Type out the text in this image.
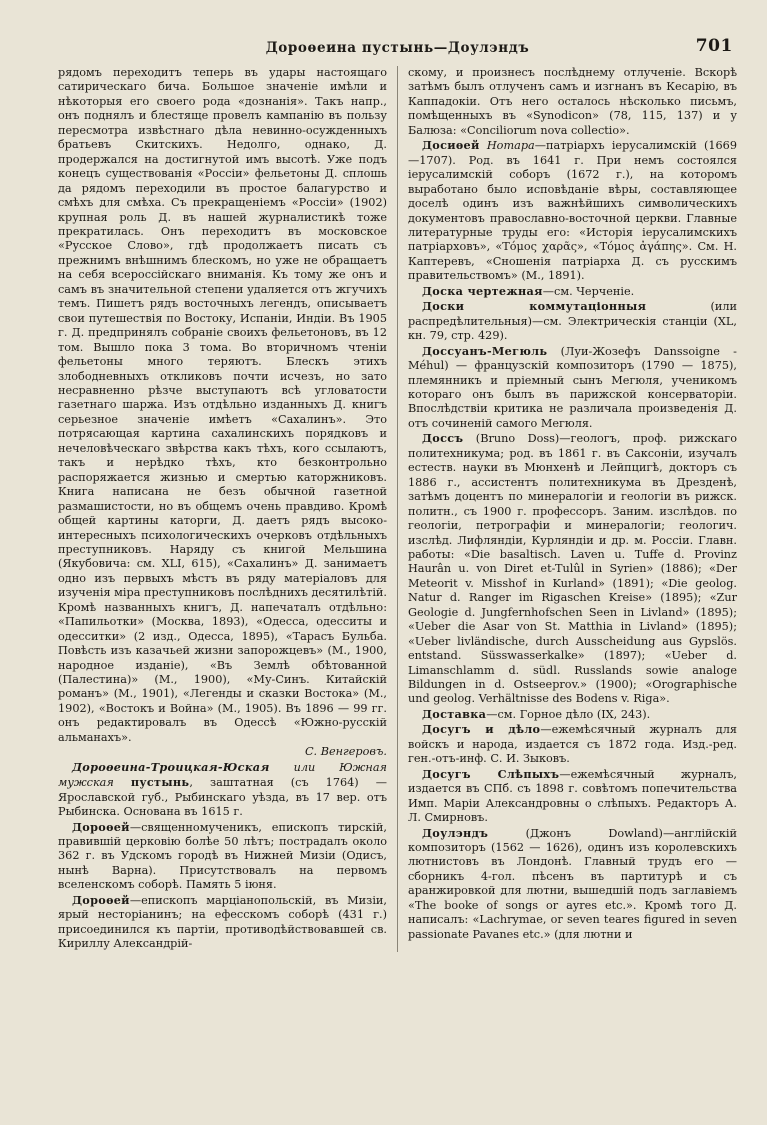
Дороѳеина пустынь—Доулэндъ	701

рядомъ переходитъ теперь въ удары настоящаго сатирическаго бича. Большое значеніе имѣли и нѣкоторыя его своего рода «дознанія». Такъ напр., онъ поднялъ и блестяще провелъ кампанію въ пользу пересмотра извѣстнаго дѣла невинно-осужденныхъ братьевъ Скитскихъ. Недолго, однако, Д. продержался на достигнутой имъ высотѣ. Уже подъ конецъ существованія «Россіи» фельетоны Д. сплошь да рядомъ переходили въ простое балагурство и смѣхъ для смѣха. Съ прекращеніемъ «Россіи» (1902) крупная роль Д. въ нашей журналистикѣ тоже прекратилась. Онъ переходитъ въ московское «Русское Слово», гдѣ продолжаетъ писать съ прежнимъ внѣшнимъ блескомъ, но уже не обращаетъ на себя всероссійскаго вниманія. Къ тому же онъ и самъ въ значительной степени удаляется отъ жгучихъ темъ. Пишетъ рядъ восточныхъ легендъ, описываетъ свои путешествія по Востоку, Испаніи, Индіи. Въ 1905 г. Д. предпринялъ собраніе своихъ фельетоновъ, въ 12 том. Вышло пока 3 тома. Во вторичномъ чтеніи фельетоны много теряютъ. Блескъ этихъ злободневныхъ откликовъ почти исчезъ, но зато несравненно рѣзче выступаютъ всѣ угловатости газетнаго шаржа. Изъ отдѣльно изданныхъ Д. книгъ серьезное значеніе имѣетъ «Сахалинъ». Это потрясающая картина сахалинскихъ порядковъ и нечеловѣческаго звѣрства какъ тѣхъ, кого ссылаютъ, такъ и нерѣдко тѣхъ, кто безконтрольно распоряжается жизнью и смертью каторжниковъ. Книга написана не безъ обычной газетной размашистости, но въ общемъ очень правдиво. Кромѣ общей картины каторги, Д. даетъ рядъ высоко-интересныхъ психологическихъ очерковъ отдѣльныхъ преступниковъ. Наряду съ книгой Мельшина (Якубовича: см. XLI, 615), «Сахалинъ» Д. занимаетъ одно изъ первыхъ мѣстъ въ ряду матеріаловъ для изученія міра преступниковъ послѣднихъ десятилѣтій. Кромѣ названныхъ книгъ, Д. напечаталъ отдѣльно: «Папильотки» (Москва, 1893), «Одесса, одесситы и одесситки» (2 изд., Одесса, 1895), «Тарасъ Бульба. Повѣсть изъ казачьей жизни запорожцевъ» (М., 1900, народное изданіе), «Въ Землѣ обѣтованной (Палестина)» (М., 1900), «Му-Синъ. Китайскій романъ» (М., 1901), «Легенды и сказки Востока» (М., 1902), «Востокъ и Война» (М., 1905). Въ 1896 — 99 гг. онъ редактировалъ въ Одессѣ «Южно-русскій альманахъ».
С. Венгеровъ.

Дороѳеина-Троицкая-Юская или Южная мужская пустынь, заштатная (съ 1764) —Ярославской губ., Рыбинскаго уѣзда, въ 17 вер. отъ Рыбинска. Основана въ 1615 г.

Дороѳей—священномученикъ, епископъ тирскій, правившій церковію болѣе 50 лѣтъ; пострадалъ около 362 г. въ Удскомъ городѣ въ Нижней Мизіи (Одисъ, нынѣ Варна). Присутствовалъ на первомъ вселенскомъ соборѣ. Память 5 іюня.

Дороѳей—епископъ марціанопольскій, въ Мизіи, ярый несторіанинъ; на ефесскомъ соборѣ (431 г.) присоединился къ партіи, противодѣйствовавшей св. Кириллу Александрій-

скому, и произнесъ послѣднему отлученіе. Вскорѣ затѣмъ былъ отлученъ самъ и изгнанъ въ Кесарію, въ Каппадокіи. Отъ него осталось нѣсколько письмъ, помѣщенныхъ въ «Synodicon» (78, 115, 137) и у Балюза: «Conciliorum nova collectio».

Досиѳей Нотара—патріархъ іерусалимскій (1669—1707). Род. въ 1641 г. При немъ состоялся іерусалимскій соборъ (1672 г.), на которомъ выработано было исповѣданіе вѣры, составляющее доселѣ одинъ изъ важнѣйшихъ символическихъ документовъ православно-восточной церкви. Главные литературные труды его: «Исторія іерусалимскихъ патріарховъ», «Τόμος χαρᾶς», «Τόμος ἀγάπης». См. Н. Каптеревъ, «Сношенія патріарха Д. съ русскимъ правительствомъ» (М., 1891).

Доска чертежная—см. Черченіе.

Доски коммутаціонныя (или распредѣлительныя)—см. Электрическія станціи (XL, кн. 79, стр. 429).

Доссуанъ-Мегюль (Луи-Жозефъ Danssoigne - Méhul) — французскій композиторъ (1790 — 1875), племянникъ и пріемный сынъ Мегюля, ученикомъ котораго онъ былъ въ парижской консерваторіи. Впослѣдствіи критика не различала произведенія Д. отъ сочиненій самого Мегюля.

Доссъ (Bruno Doss)—геологъ, проф. рижскаго политехникума; род. въ 1861 г. въ Саксоніи, изучалъ естеств. науки въ Мюнхенѣ и Лейпцигѣ, докторъ съ 1886 г., ассистентъ политехникума въ Дрезденѣ, затѣмъ доцентъ по минералогіи и геологіи въ рижск. политн., съ 1900 г. профессоръ. Заним. изслѣдов. по геологіи, петрографіи и минералогіи; геологич. изслѣд. Лифляндіи, Курляндіи и др. м. Россіи. Главн. работы: «Die basaltisch. Laven u. Tuffe d. Provinz Haurân u. von Diret et-Tulûl in Syrien» (1886); «Der Meteorit v. Misshof in Kurland» (1891); «Die geolog. Natur d. Ranger im Rigaschen Kreise» (1895); «Zur Geologie d. Jungfernhofschen Seen in Livland» (1895); «Ueber die Asar von St. Matthia in Livland» (1895); «Ueber livländische, durch Ausscheidung aus Gypslös. entstand. Süsswasserkalke» (1897); «Ueber d. Limanschlamm d. südl. Russlands sowie analoge Bildungen in d. Ostseeprov.» (1900); «Orographische und geolog. Verhältnisse des Bodens v. Riga».

Доставка—см. Горное дѣло (IX, 243).

Досугъ и дѣло—ежемѣсячный журналъ для войскъ и народа, издается съ 1872 года. Изд.-ред. ген.-отъ-инф. С. И. Зыковъ.

Досугъ Слѣпыхъ—ежемѣсячный журналъ, издается въ СПб. съ 1898 г. совѣтомъ попечительства Имп. Маріи Александровны о слѣпыхъ. Редакторъ А. Л. Смирновъ.

Доулэндъ (Джонъ Dowland)—англійскій композиторъ (1562 — 1626), одинъ изъ королевскихъ лютнистовъ въ Лондонѣ. Главный трудъ его — сборникъ 4-гол. пѣсенъ въ партитурѣ и съ аранжировкой для лютни, вышедшій подъ заглавіемъ «The booke of songs or ayres etc.». Кромѣ того Д. написалъ: «Lachrymae, or seven teares figured in seven passionate Pavanes etc.» (для лютни и
